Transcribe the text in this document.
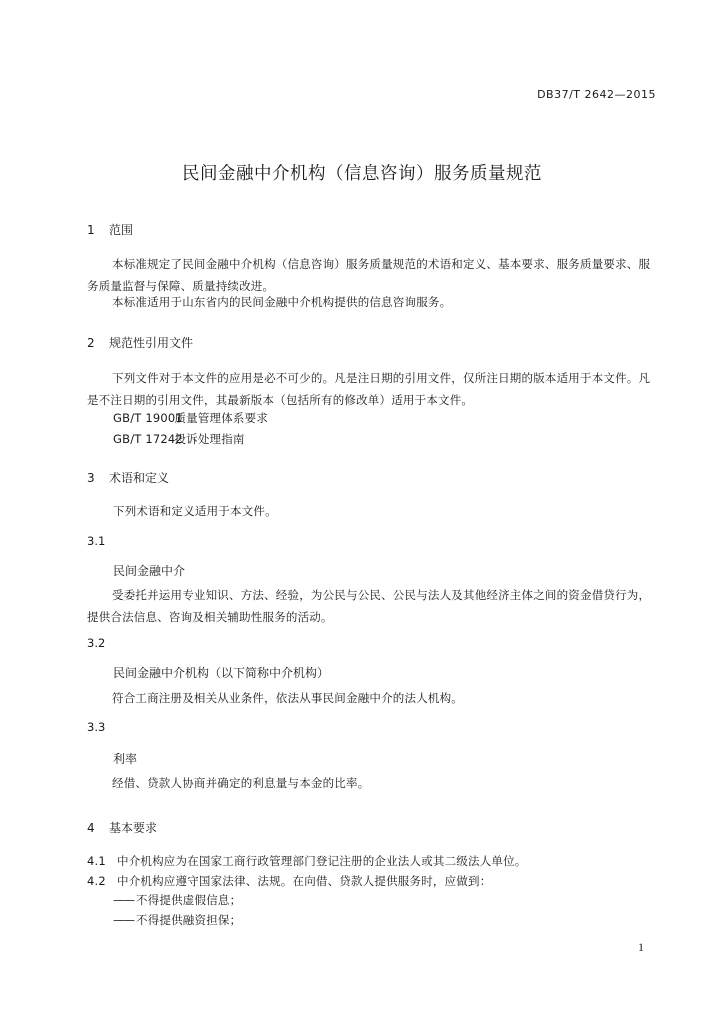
DB37/T 2642—2015
民间金融中介机构（信息咨询）服务质量规范
1 范围
本标准规定了民间金融中介机构（信息咨询）服务质量规范的术语和定义、基本要求、服务质量要求、服务质量监督与保障、质量持续改进。
本标准适用于山东省内的民间金融中介机构提供的信息咨询服务。
2 规范性引用文件
下列文件对于本文件的应用是必不可少的。凡是注日期的引用文件，仅所注日期的版本适用于本文件。凡是不注日期的引用文件，其最新版本（包括所有的修改单）适用于本文件。
GB/T 19001    质量管理体系要求
GB/T 17242    投诉处理指南
3 术语和定义
下列术语和定义适用于本文件。
3.1
民间金融中介
受委托并运用专业知识、方法、经验，为公民与公民、公民与法人及其他经济主体之间的资金借贷行为，提供合法信息、咨询及相关辅助性服务的活动。
3.2
民间金融中介机构（以下简称中介机构）
符合工商注册及相关从业条件，依法从事民间金融中介的法人机构。
3.3
利率
经借、贷款人协商并确定的利息量与本金的比率。
4 基本要求
4.1 中介机构应为在国家工商行政管理部门登记注册的企业法人或其二级法人单位。
4.2 中介机构应遵守国家法律、法规。在向借、贷款人提供服务时，应做到：
—— 不得提供虚假信息；
—— 不得提供融资担保；
1
